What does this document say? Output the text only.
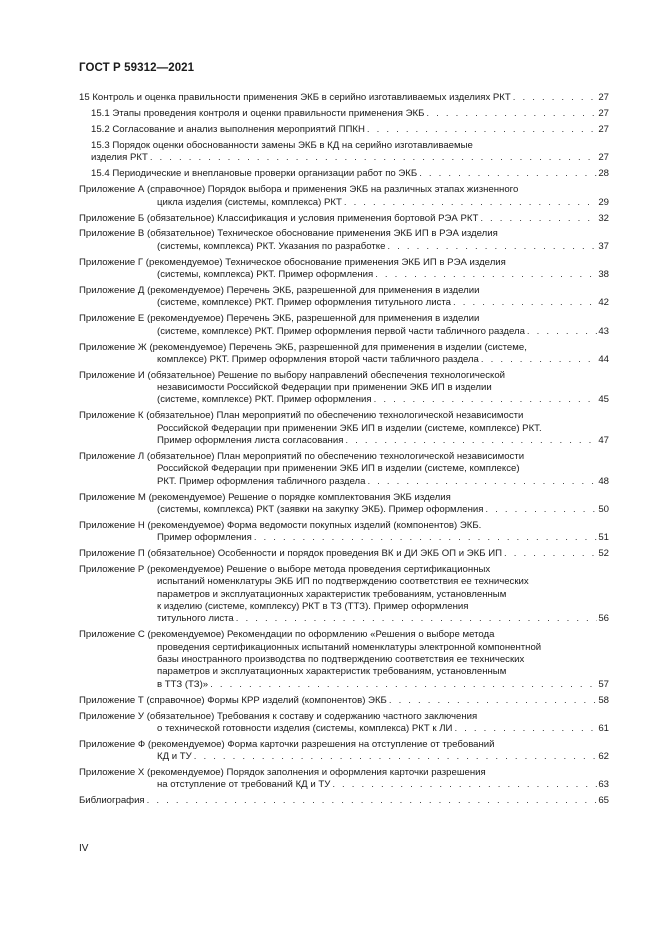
ГОСТ Р 59312—2021
15 Контроль и оценка правильности применения ЭКБ в серийно изготавливаемых изделиях РКТ . . .	27
15.1 Этапы проведения контроля и оценки правильности применения ЭКБ . . .	27
15.2 Согласование и анализ выполнения мероприятий ППКН . . .	27
15.3 Порядок оценки обоснованности замены ЭКБ в КД на серийно изготавливаемые
изделия РКТ . . .	27
15.4 Периодические и внеплановые проверки организации работ по ЭКБ . . .	28
Приложение А (справочное) Порядок выбора и применения ЭКБ на различных этапах жизненного
цикла изделия (системы, комплекса) РКТ . . .	29
Приложение Б (обязательное) Классификация и условия применения бортовой РЭА РКТ . . .	32
Приложение В (обязательное) Техническое обоснование применения ЭКБ ИП в РЭА изделия
(системы, комплекса) РКТ. Указания по разработке . . .	37
Приложение Г (рекомендуемое) Техническое обоснование применения ЭКБ ИП в РЭА изделия
(системы, комплекса) РКТ. Пример оформления . . .	38
Приложение Д (рекомендуемое) Перечень ЭКБ, разрешенной для применения в изделии
(системе, комплексе) РКТ. Пример оформления титульного листа . . .	42
Приложение Е (рекомендуемое) Перечень ЭКБ, разрешенной для применения в изделии
(системе, комплексе) РКТ. Пример оформления первой части табличного раздела . . .	43
Приложение Ж (рекомендуемое) Перечень ЭКБ, разрешенной для применения в изделии (системе,
комплексе) РКТ. Пример оформления второй части табличного раздела . . .	44
Приложение И (обязательное) Решение по выбору направлений обеспечения технологической
независимости Российской Федерации при применении ЭКБ ИП в изделии
(системе, комплексе) РКТ. Пример оформления . . .	45
Приложение К (обязательное) План мероприятий по обеспечению технологической независимости
Российской Федерации при применении ЭКБ ИП в изделии (системе, комплексе) РКТ.
Пример оформления листа согласования . . .	47
Приложение Л (обязательное) План мероприятий по обеспечению технологической независимости
Российской Федерации при применении ЭКБ ИП в изделии (системе, комплексе)
РКТ. Пример оформления табличного раздела . . .	48
Приложение М (рекомендуемое) Решение о порядке комплектования ЭКБ изделия
(системы, комплекса) РКТ (заявки на закупку ЭКБ). Пример оформления . . .	50
Приложение Н (рекомендуемое) Форма ведомости покупных изделий (компонентов) ЭКБ.
Пример оформления . . .	51
Приложение П (обязательное) Особенности и порядок проведения ВК и ДИ ЭКБ ОП и ЭКБ ИП . . .	52
Приложение Р (рекомендуемое) Решение о выборе метода проведения сертификационных
испытаний номенклатуры ЭКБ ИП по подтверждению соответствия ее технических
параметров и эксплуатационных характеристик требованиям, установленным
к изделию (системе, комплексу) РКТ в ТЗ (ТТЗ). Пример оформления
титульного листа . . .	56
Приложение С (рекомендуемое) Рекомендации по оформлению «Решения о выборе метода
проведения сертификационных испытаний номенклатуры электронной компонентной
базы иностранного производства по подтверждению соответствия ее технических
параметров и эксплуатационных характеристик требованиям, установленным
в ТТЗ (ТЗ)» . . .	57
Приложение Т (справочное) Формы КРР изделий (компонентов) ЭКБ . . .	58
Приложение У (обязательное) Требования к составу и содержанию частного заключения
о технической готовности изделия (системы, комплекса) РКТ к ЛИ . . .	61
Приложение Ф (рекомендуемое) Форма карточки разрешения на отступление от требований
КД и ТУ . . .	62
Приложение Х (рекомендуемое) Порядок заполнения и оформления карточки разрешения
на отступление от требований КД и ТУ . . .	63
Библиография . . .	65
IV
